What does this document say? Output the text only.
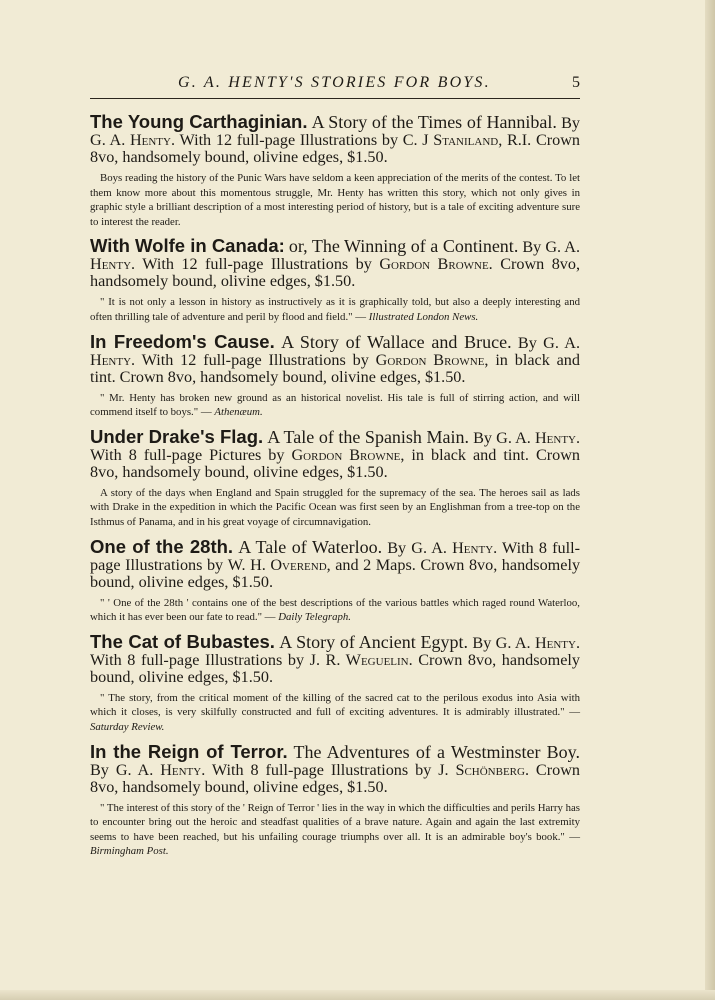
G. A. HENTY'S STORIES FOR BOYS.	5

The Young Carthaginian. A Story of the Times of Hannibal. By G. A. Henty. With 12 full-page Illustrations by C. J Staniland, R.I. Crown 8vo, handsomely bound, olivine edges, $1.50.

Boys reading the history of the Punic Wars have seldom a keen appreciation of the merits of the contest. To let them know more about this momentous struggle, Mr. Henty has written this story, which not only gives in graphic style a brilliant description of a most interesting period of history, but is a tale of exciting adventure sure to interest the reader.

With Wolfe in Canada: or, The Winning of a Continent. By G. A. Henty. With 12 full-page Illustrations by Gordon Browne. Crown 8vo, handsomely bound, olivine edges, $1.50.

" It is not only a lesson in history as instructively as it is graphically told, but also a deeply interesting and often thrilling tale of adventure and peril by flood and field." — Illustrated London News.

In Freedom's Cause. A Story of Wallace and Bruce. By G. A. Henty. With 12 full-page Illustrations by Gordon Browne, in black and tint. Crown 8vo, handsomely bound, olivine edges, $1.50.

" Mr. Henty has broken new ground as an historical novelist. His tale is full of stirring action, and will commend itself to boys." — Athenæum.

Under Drake's Flag. A Tale of the Spanish Main. By G. A. Henty. With 8 full-page Pictures by Gordon Browne, in black and tint. Crown 8vo, handsomely bound, olivine edges, $1.50.

A story of the days when England and Spain struggled for the supremacy of the sea. The heroes sail as lads with Drake in the expedition in which the Pacific Ocean was first seen by an Englishman from a tree-top on the Isthmus of Panama, and in his great voyage of circumnavigation.

One of the 28th. A Tale of Waterloo. By G. A. Henty. With 8 full-page Illustrations by W. H. Overend, and 2 Maps. Crown 8vo, handsomely bound, olivine edges, $1.50.

" ' One of the 28th ' contains one of the best descriptions of the various battles which raged round Waterloo, which it has ever been our fate to read." — Daily Telegraph.

The Cat of Bubastes. A Story of Ancient Egypt. By G. A. Henty. With 8 full-page Illustrations by J. R. Weguelin. Crown 8vo, handsomely bound, olivine edges, $1.50.

" The story, from the critical moment of the killing of the sacred cat to the perilous exodus into Asia with which it closes, is very skilfully constructed and full of exciting adventures. It is admirably illustrated." — Saturday Review.

In the Reign of Terror. The Adventures of a Westminster Boy. By G. A. Henty. With 8 full-page Illustrations by J. Schönberg. Crown 8vo, handsomely bound, olivine edges, $1.50.

" The interest of this story of the ' Reign of Terror ' lies in the way in which the difficulties and perils Harry has to encounter bring out the heroic and steadfast qualities of a brave nature. Again and again the last extremity seems to have been reached, but his unfailing courage triumphs over all. It is an admirable boy's book." — Birmingham Post.
